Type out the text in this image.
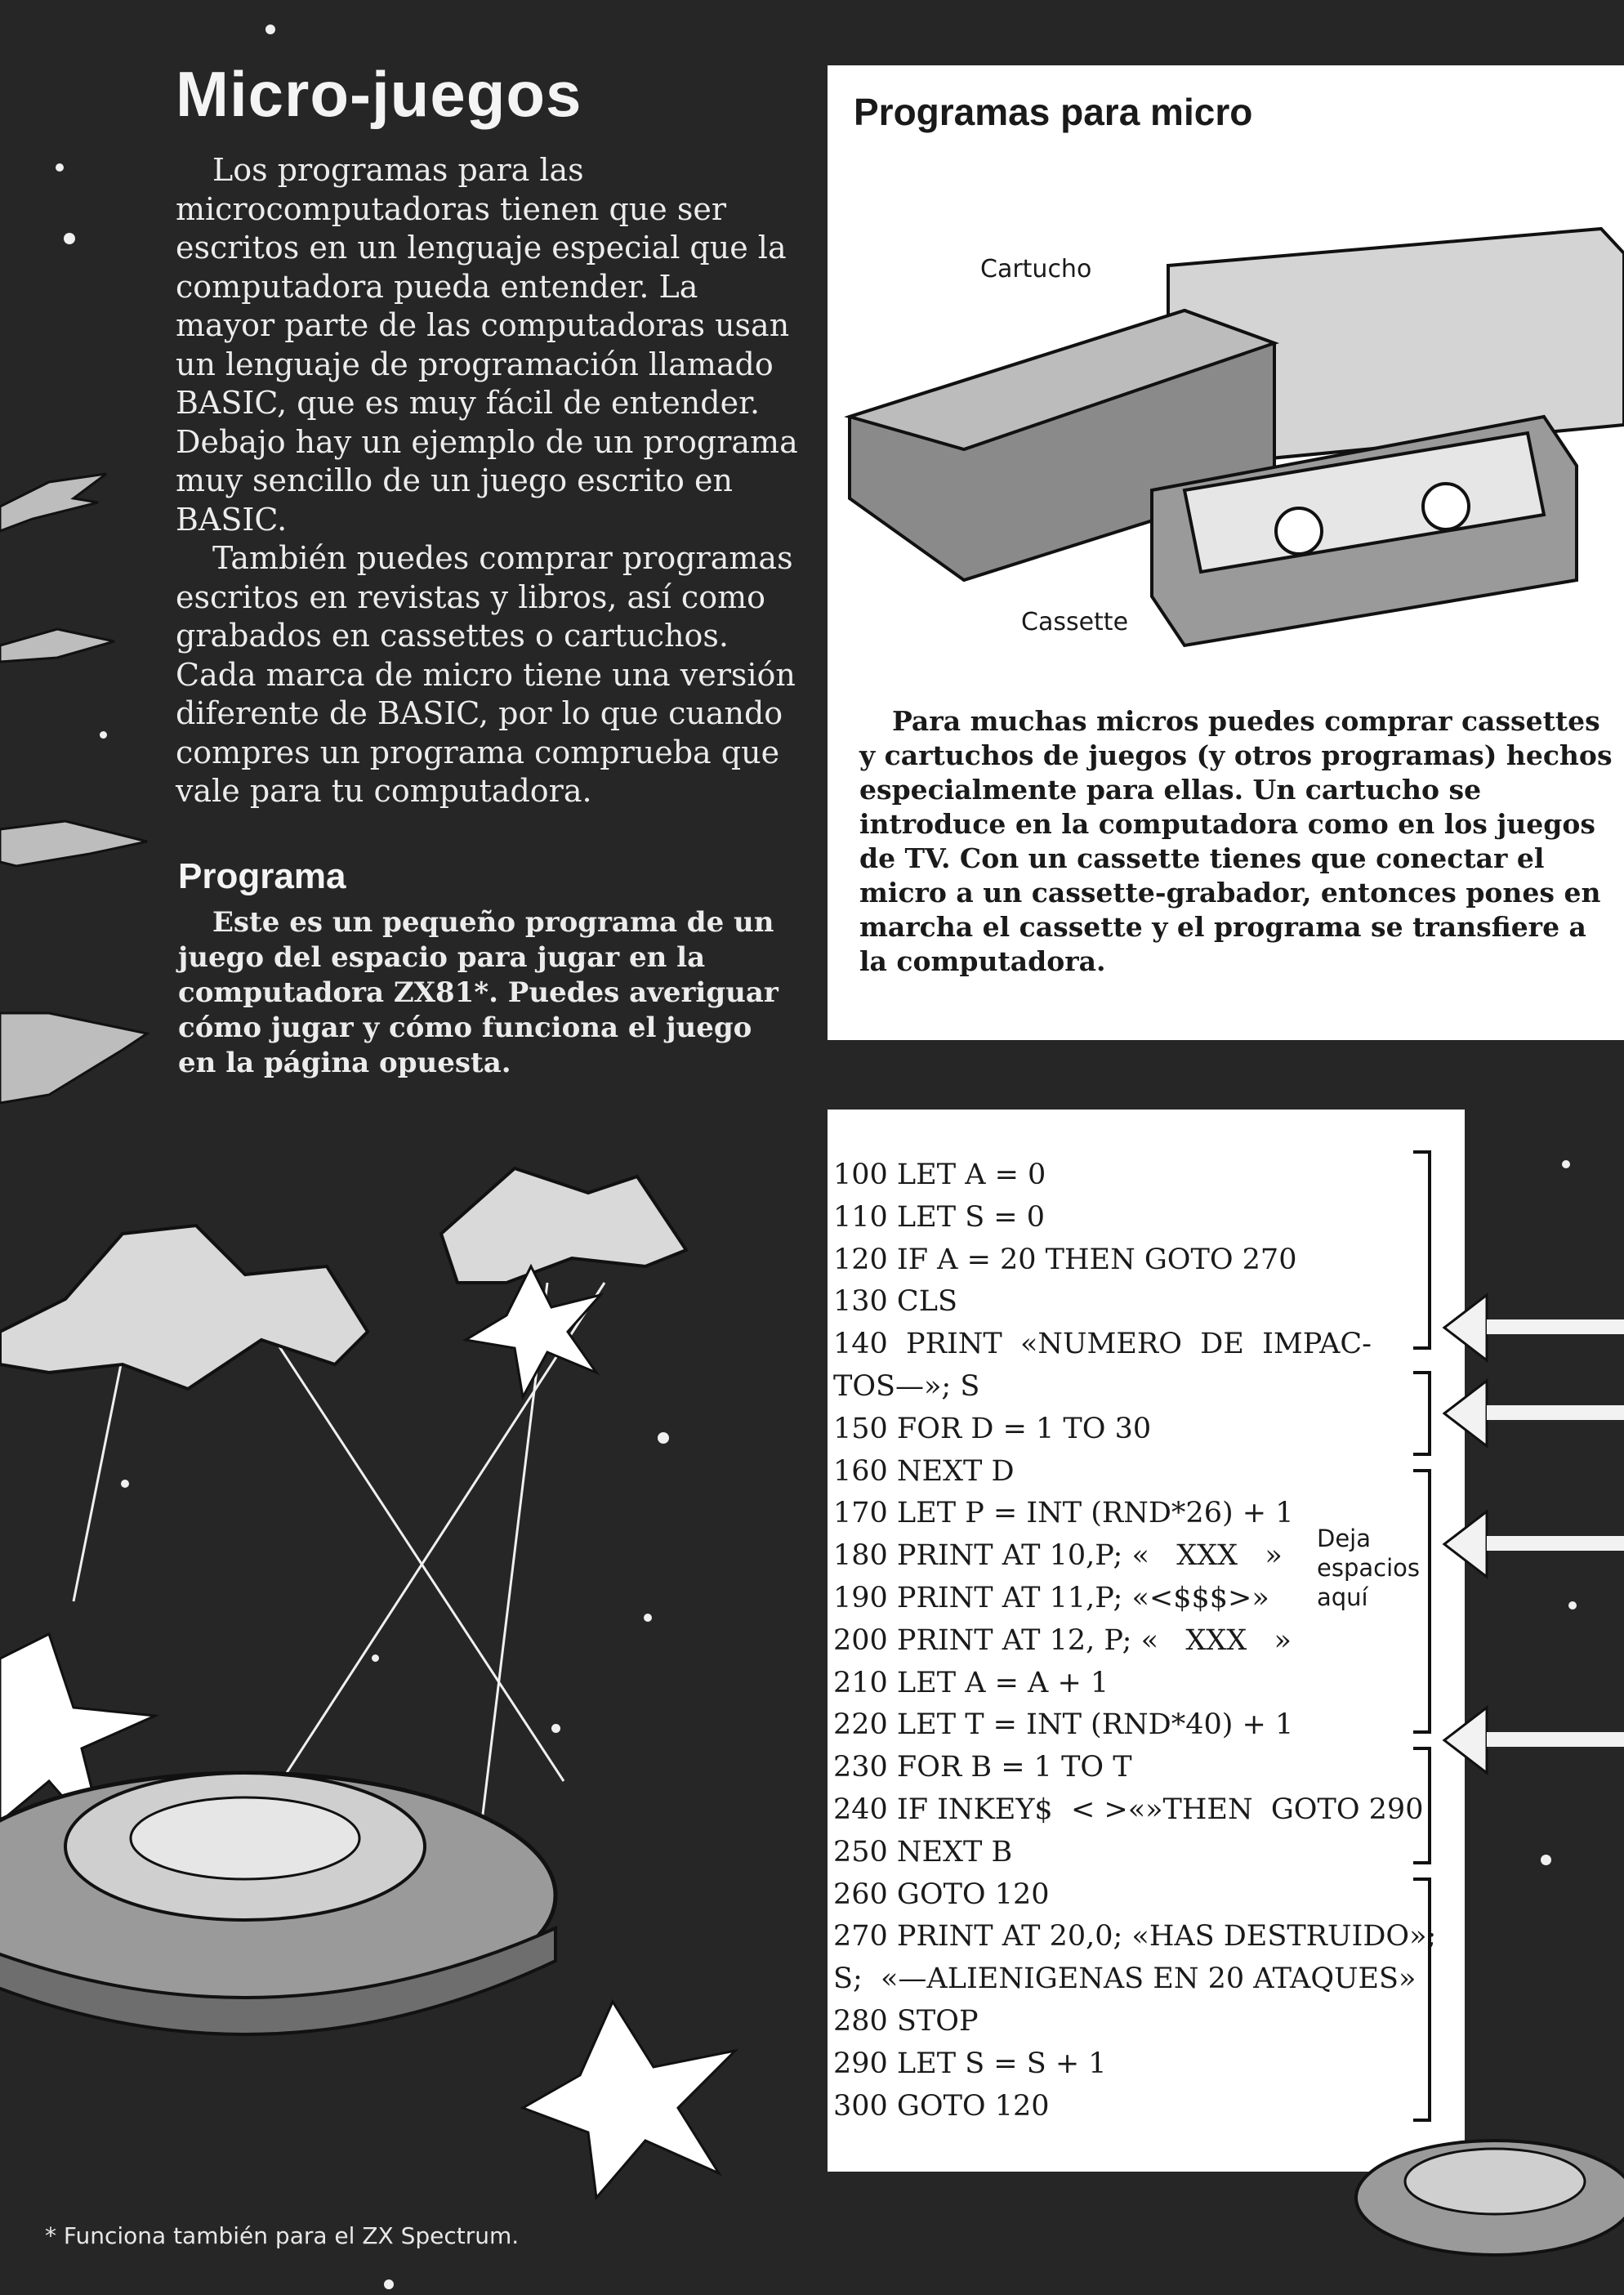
Micro-juegos

Los programas para las microcomputadoras tienen que ser escritos en un lenguaje especial que la computadora pueda entender. La mayor parte de las computadoras usan un lenguaje de programación llamado BASIC, que es muy fácil de entender. Debajo hay un ejemplo de un programa muy sencillo de un juego escrito en BASIC.

También puedes comprar programas escritos en revistas y libros, así como grabados en cassettes o cartuchos. Cada marca de micro tiene una versión diferente de BASIC, por lo que cuando compres un programa comprueba que vale para tu computadora.

Programa
Este es un pequeño programa de un juego del espacio para jugar en la computadora ZX81*. Puedes averiguar cómo jugar y cómo funciona el juego en la página opuesta.
Programas para micro
Cartucho
Cassette
Para muchas micros puedes comprar cassettes y cartuchos de juegos (y otros programas) hechos especialmente para ellas. Un cartucho se introduce en la computadora como en los juegos de TV. Con un cassette tienes que conectar el micro a un cassette-grabador, entonces pones en marcha el cassette y el programa se transfiere a la computadora.
100 LET A = 0
110 LET S = 0
120 IF A = 20 THEN GOTO 270
130 CLS
140  PRINT  «NUMERO  DE  IMPAC-
TOS—»; S
150 FOR D = 1 TO 30
160 NEXT D
170 LET P = INT (RND*26) + 1
180 PRINT AT 10,P; «   XXX   »
190 PRINT AT 11,P; «<$$$>»
200 PRINT AT 12, P; «   XXX   »
210 LET A = A + 1
220 LET T = INT (RND*40) + 1
230 FOR B = 1 TO T
240 IF INKEY$  < >«»THEN  GOTO 290
250 NEXT B
260 GOTO 120
270 PRINT AT 20,0; «HAS DESTRUIDO»;
S;  «—ALIENIGENAS EN 20 ATAQUES»
280 STOP
290 LET S = S + 1
300 GOTO 120
Deja
espacios
aquí
* Funciona también para el ZX Spectrum.
